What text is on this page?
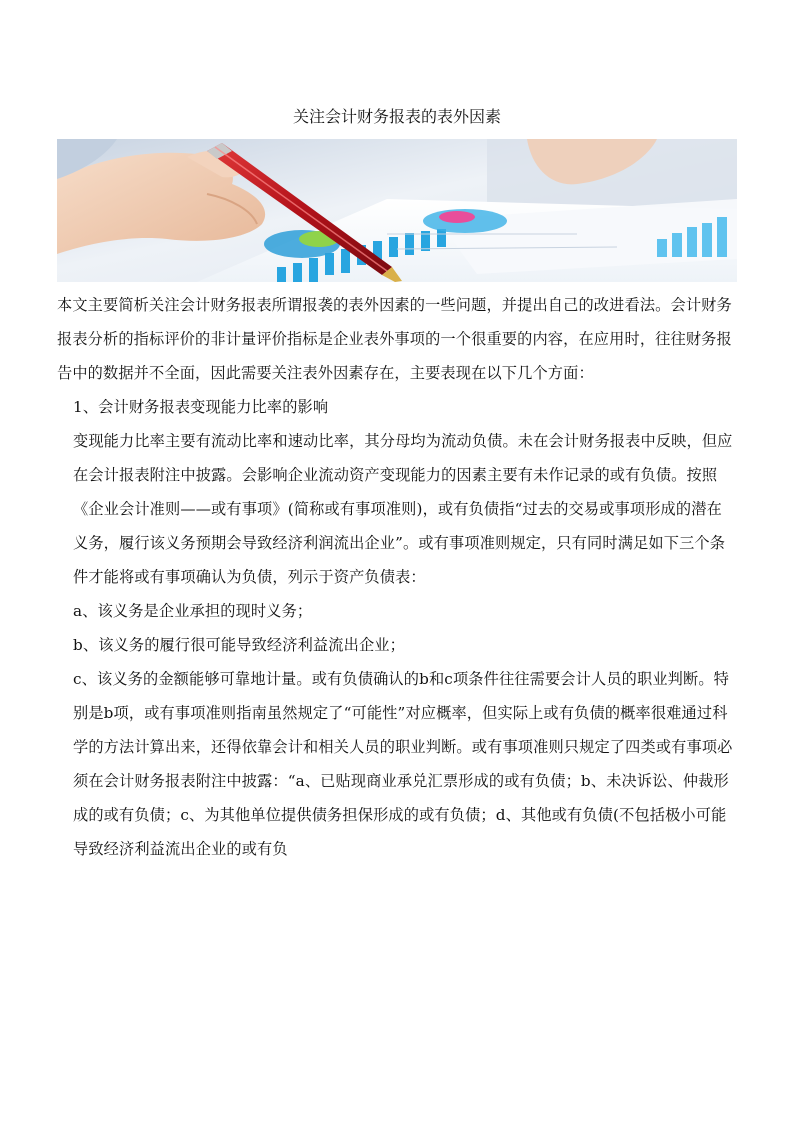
关注会计财务报表的表外因素

本文主要简析关注会计财务报表所谓报袭的表外因素的一些问题，并提出自己的改进看法。会计财务报表分析的指标评价的非计量评价指标是企业表外事项的一个很重要的内容，在应用时，往往财务报告中的数据并不全面，因此需要关注表外因素存在，主要表现在以下几个方面：

1、会计财务报表变现能力比率的影响

变现能力比率主要有流动比率和速动比率，其分母均为流动负债。未在会计财务报表中反映，但应在会计报表附注中披露。会影响企业流动资产变现能力的因素主要有未作记录的或有负债。按照《企业会计准则——或有事项》(简称或有事项准则)，或有负债指“过去的交易或事项形成的潜在义务，履行该义务预期会导致经济利润流出企业”。或有事项准则规定，只有同时满足如下三个条件才能将或有事项确认为负债，列示于资产负债表：

a、该义务是企业承担的现时义务；

b、该义务的履行很可能导致经济利益流出企业；

c、该义务的金额能够可靠地计量。或有负债确认的b和c项条件往往需要会计人员的职业判断。特别是b项，或有事项准则指南虽然规定了“可能性”对应概率，但实际上或有负债的概率很难通过科学的方法计算出来，还得依靠会计和相关人员的职业判断。或有事项准则只规定了四类或有事项必须在会计财务报表附注中披露：“a、已贴现商业承兑汇票形成的或有负债；b、未决诉讼、仲裁形成的或有负债；c、为其他单位提供债务担保形成的或有负债；d、其他或有负债(不包括极小可能导致经济利益流出企业的或有负
